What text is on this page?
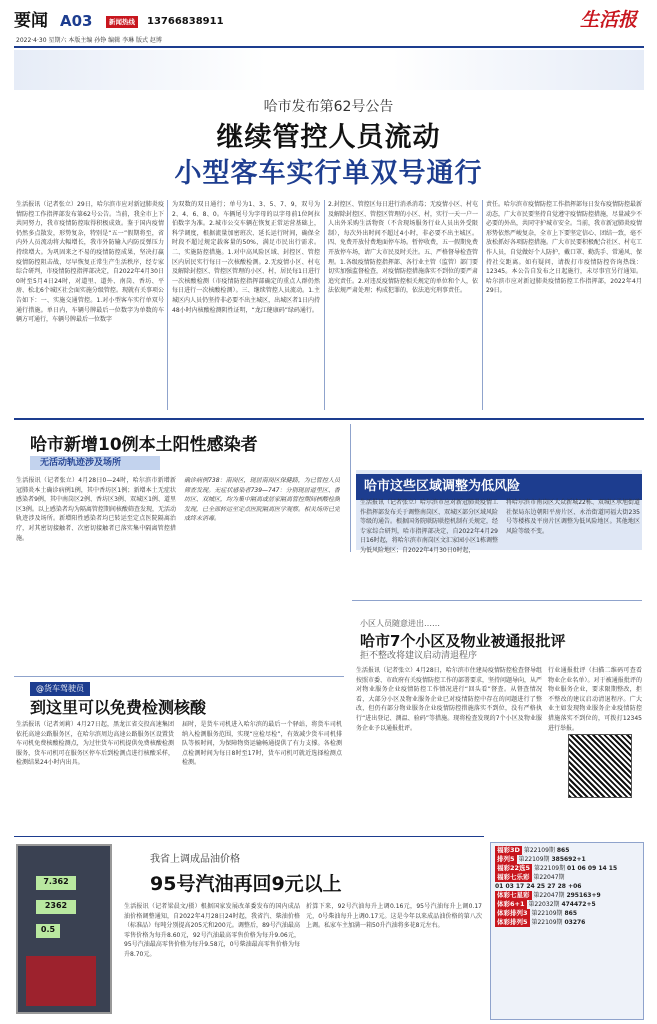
要闻 A03	新闻热线	13766838911	生活报
2022·4·30 星期六 本版主编 孙铮 编辑 李琳 版式 赵博
哈市发布第62号公告
继续管控人员流动
小型客车实行单双号通行
生活报讯（记者张立）29日，哈尔滨市应对新冠肺炎疫情防控工作指挥部发布第62号公告。当前，我全市上下共同努力，我市疫情防控取得积极成效。鉴于国内疫情仍然多点散发，形势复杂，特别是“五一”假期将至，省内外人员流动将大幅增长，我市外防输入内防反弹压力持续增大。为巩固来之不易的疫情防控成果，坚决打赢疫情防控阻击战，尽早恢复正常生产生活秩序，经专家综合研判，市疫情防控指挥部决定，自2022年4月30日0时至5月4日24时，对道里、道外、南岗、香坊、平房、松北6个城区社会面实施分级管控。现就有关事项公告如下：一、实施交通管控。1.对小型客车实行单双号通行措施。单日内，车辆号牌最后一位数字为单数的车辆方可通行，车辆号牌最后一位数字
为双数的双日通行；单号为1、3、5、7、9，双号为2、4、6、8、0。车辆尾号为字母的以字母前1位阿拉伯数字为准。2.城市公交车辆在恢复正常运营基础上，科学调度，根据流量加密班次、延长运行时间，确保全时段不超过规定载客量的50%，满足市民出行需求。二、实施防控措施。1.对中高风险区域、封控区、管控区内居民实行每日一次核酸检测。2.无疫情小区、村屯及解除封控区、管控区管理的小区、村，居民每1日进行一次核酸检测（市疫情防控指挥部确定的重点人群仍然每日进行一次核酸检测）。三、继续管控人员流动。1.主城区内人员仍坚持非必要不出主城区，出城区者1日内持48小时内核酸检测阴性证明，“龙江健康码”绿码通行。
2.封控区、管控区每日进行消杀消毒；无疫情小区、村屯及解除封控区、管控区管理的小区、村，实行一天一户一人出外采购生活物资（不含现场服务行业人员出外受限制），每次外出时间不超过4小时，非必要不出主城区。四、免费开放付费地面停车场。暂停收费，五一假期免费开放停车场，请广大市民及时关注。五、严格督导检查管理。1.各级疫情防控指挥部、各行业主管（监管）部门要切实加强监督检查，对疫情防控措施落实不到位的要严肃追究责任。2.对违反疫情防控相关规定的单位和个人，依法依规严肃处理；构成犯罪的，依法追究刑事责任。
责任。哈尔滨市疫情防控工作指挥部每日发布疫情防控最新动态，广大市民要坚持自觉遵守疫情防控措施，尽量减少不必要的外出，共同守护城市安全。当前，我市新冠肺炎疫情形势依然严峻复杂，全市上下要坚定信心、团结一致，毫不放松抓好各项防控措施。广大市民要积极配合社区、村屯工作人员，自觉做好个人防护，戴口罩、勤洗手、常通风、保持社交距离。如有疑问，请拨打市疫情防控咨询热线：12345。本公告自发布之日起施行，未尽事宜另行通知。哈尔滨市应对新冠肺炎疫情防控工作指挥部，2022年4月29日。
哈市新增10例本土阳性感染者
无活动轨迹涉及场所
生活报讯（记者张立）4月28日0—24时，哈尔滨市新增新冠肺炎本土确诊病例1例，其中香坊区1例；新增本土无症状感染者9例，其中南岗区2例、香坊区3例、双城区1例、道里区3例。以上感染者均为隔离管控期间核酸筛查发现，无活动轨迹涉及场所。新增阳性感染者均已转运至定点医院隔离治疗，对其密切接触者、次密切接触者已落实集中隔离管控措施。
确诊病例738：南岗区，现居南岗区保健路，为已管控人员筛查发现。无症状感染者739—747：分别现居道里区、香坊区、双城区，均为集中隔离或居家隔离管控期间核酸检测发现，已全部转运至定点医院隔离医学观察。相关场所已完成终末消毒。
哈市这些区域调整为低风险
生活报讯（记者张立）哈尔滨市应对新冠肺炎疫情工作指挥部发布关于调整南岗区、双城区部分区域风险等级的通告。根据国务院联防联控机制有关规定，经专家综合研判，哈市指挥部决定，自2022年4月29日16时起，将哈尔滨市南岗区文汇家园小区1栋调整为低风险地区；自2022年4月30日0时起，
将哈尔滨市南岗区大众新城22栋、双城区承旭街道社保局东边朝阳平房片区、永治街道同福大街235号等楼栋及平房片区调整为低风险地区。其他地区风险等级不变。
小区人员随意进出……
哈市7个小区及物业被通报批评
拒不整改将建议启动清退程序
生活报讯（记者张立）4月28日，哈尔滨市住建局疫情防控检查督导组按照市委、市政府有关疫情防控工作的部署要求，坚持问题导向，从严对物业服务企业疫情防控工作情况进行“回头看”督查。从督查情况看，大部分小区及物业服务企业已对疫情防控中存在的问题进行了整改，但仍有部分物业服务企业疫情防控措施落实不到位，没有严格执行“进出登记、测温、验码”等措施。现将检查发现的7个小区及物业服务企业予以通报批评。
行业通报批评（扫描二维码可查看物业企业名单）。对于被通报批评的物业服务企业，要求限期整改，拒不整改的建议启动清退程序。广大业主如发现物业服务企业疫情防控措施落实不到位的，可拨打12345进行举报。
@货车驾驶员
到这里可以免费检测核酸
生活报讯（记者刘莉）4月27日起，黑龙江省交投高速集团依托高速公路服务区，在哈尔滨周边高速公路服务区设置货车司机免费核酸检测点，为过往货车司机提供免费核酸检测服务，货车司机可在服务区停车后到检测点进行核酸采样，检测结果24小时内出具。
届时，是货车司机进入哈尔滨的最后一个驿站，将货车司机纳入检测服务范围，实现“应检尽检”，有效减少货车司机排队等候时间，为保障物资运输畅通提供了有力支撑。各检测点检测时间为每日8时至17时，货车司机可就近选择检测点检测。
7.362
2362
0.5
我省上调成品油价格
95号汽油再回9元以上
生活报讯（记者梁晨文/摄）根据国家发展改革委发布的国内成品油价格调整通知，自2022年4月28日24时起，我省汽、柴油价格（标准品）每吨分别提高205元和200元。调整后，89号汽油最高零售价格为每升8.60元，92号汽油最高零售价格为每升9.06元，95号汽油最高零售价格为每升9.58元，0号柴油最高零售价格为每升8.70元。
折算下来，92号汽油每升上调0.16元，95号汽油每升上调0.17元，0号柴油每升上调0.17元。这是今年以来成品油价格的第八次上调。私家车主加满一箱50升汽油将多花8元左右。
福彩3D 第22109期 865
排列5 第22109期 385692+1
福彩22选5 第22109期 01 06 09 14 15
福彩七乐彩 第22047期
01 03 17 24 25 27 28 +06
体彩七星彩 第22047期 295163+9
体彩6+1 第22032期 474472+5
体彩排列3 第22109期 865
体彩排列5 第22109期 03276
